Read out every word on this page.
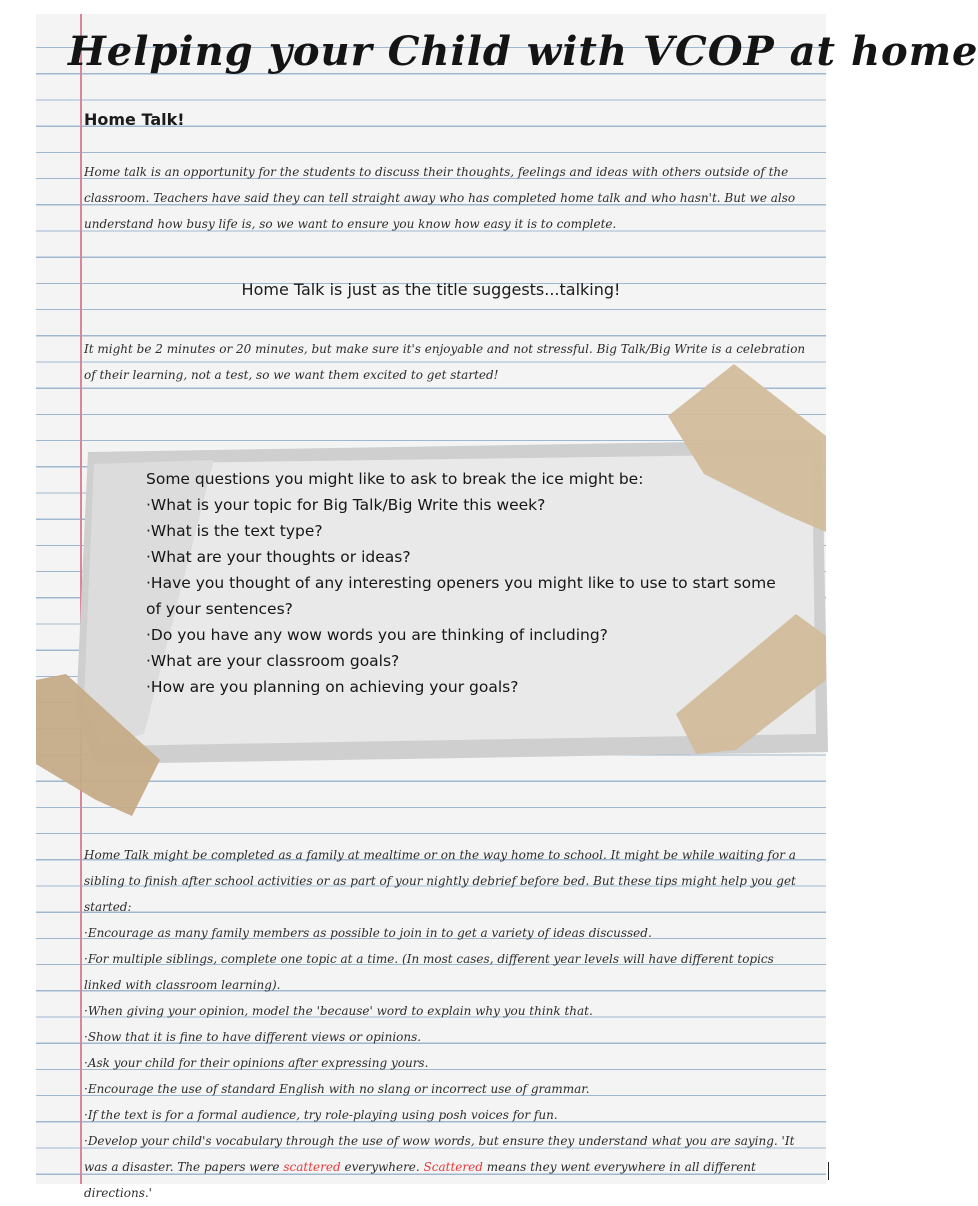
Helping your Child with VCOP at home
Home Talk!

Home talk is an opportunity for the students to discuss their thoughts, feelings and ideas with others outside of the classroom. Teachers have said they can tell straight away who has completed home talk and who hasn't. But we also understand how busy life is, so we want to ensure you know how easy it is to complete.

Home Talk is just as the title suggests...talking!

It might be 2 minutes or 20 minutes, but make sure it's enjoyable and not stressful. Big Talk/Big Write is a celebration of their learning, not a test, so we want them excited to get started!

Some questions you might like to ask to break the ice might be:
·What is your topic for Big Talk/Big Write this week?
·What is the text type?
·What are your thoughts or ideas?
·Have you thought of any interesting openers you might like to use to start some of your sentences?
·Do you have any wow words you are thinking of including?
·What are your classroom goals?
·How are you planning on achieving your goals?

Home Talk might be completed as a family at mealtime or on the way home to school. It might be while waiting for a sibling to finish after school activities or as part of your nightly debrief before bed. But these tips might help you get started:

·Encourage as many family members as possible to join in to get a variety of ideas discussed.
·For multiple siblings, complete one topic at a time. (In most cases, different year levels will have different topics linked with classroom learning).
·When giving your opinion, model the 'because' word to explain why you think that.
·Show that it is fine to have different views or opinions.
·Ask your child for their opinions after expressing yours.
·Encourage the use of standard English with no slang or incorrect use of grammar.
·If the text is for a formal audience, try role-playing using posh voices for fun.
·Develop your child's vocabulary through the use of wow words, but ensure they understand what you are saying. 'It was a disaster. The papers were scattered everywhere. Scattered means they went everywhere in all different directions.'
